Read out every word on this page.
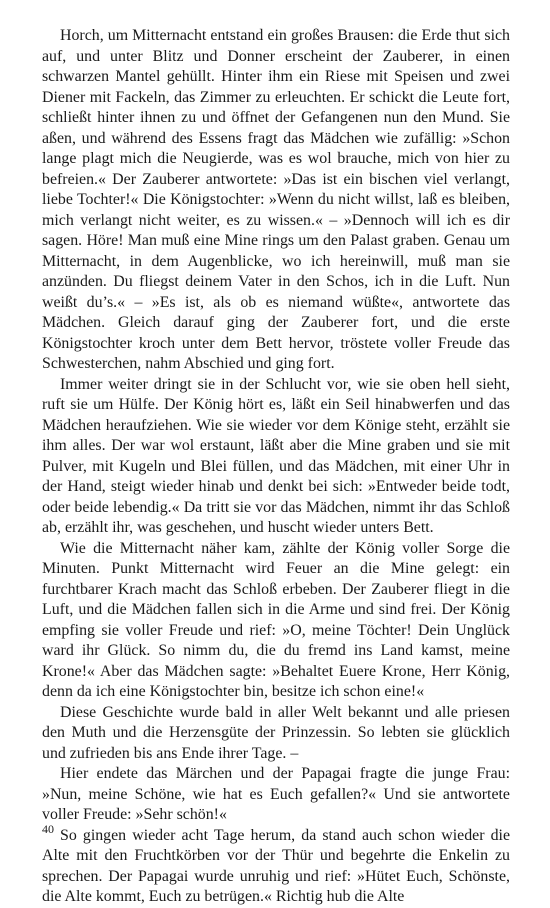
Horch, um Mitternacht entstand ein großes Brausen: die Erde thut sich auf, und unter Blitz und Donner erscheint der Zauberer, in einen schwarzen Mantel gehüllt. Hinter ihm ein Riese mit Speisen und zwei Diener mit Fackeln, das Zimmer zu erleuchten. Er schickt die Leute fort, schließt hinter ihnen zu und öffnet der Gefangenen nun den Mund. Sie aßen, und während des Essens fragt das Mädchen wie zufällig: »Schon lange plagt mich die Neugierde, was es wol brauche, mich von hier zu befreien.« Der Zauberer antwortete: »Das ist ein bischen viel verlangt, liebe Tochter!« Die Königstochter: »Wenn du nicht willst, laß es bleiben, mich verlangt nicht weiter, es zu wissen.« – »Dennoch will ich es dir sagen. Höre! Man muß eine Mine rings um den Palast graben. Genau um Mitternacht, in dem Augenblicke, wo ich hereinwill, muß man sie anzünden. Du fliegst deinem Vater in den Schos, ich in die Luft. Nun weißt du’s.« – »Es ist, als ob es niemand wüßte«, antwortete das Mädchen. Gleich darauf ging der Zauberer fort, und die erste Königstochter kroch unter dem Bett hervor, tröstete voller Freude das Schwesterchen, nahm Abschied und ging fort.

Immer weiter dringt sie in der Schlucht vor, wie sie oben hell sieht, ruft sie um Hülfe. Der König hört es, läßt ein Seil hinabwerfen und das Mädchen heraufziehen. Wie sie wieder vor dem Könige steht, erzählt sie ihm alles. Der war wol erstaunt, läßt aber die Mine graben und sie mit Pulver, mit Kugeln und Blei füllen, und das Mädchen, mit einer Uhr in der Hand, steigt wieder hinab und denkt bei sich: »Entweder beide todt, oder beide lebendig.« Da tritt sie vor das Mädchen, nimmt ihr das Schloß ab, erzählt ihr, was geschehen, und huscht wieder unters Bett.

Wie die Mitternacht näher kam, zählte der König voller Sorge die Minuten. Punkt Mitternacht wird Feuer an die Mine gelegt: ein furchtbarer Krach macht das Schloß erbeben. Der Zauberer fliegt in die Luft, und die Mädchen fallen sich in die Arme und sind frei. Der König empfing sie voller Freude und rief: »O, meine Töchter! Dein Unglück ward ihr Glück. So nimm du, die du fremd ins Land kamst, meine Krone!« Aber das Mädchen sagte: »Behaltet Euere Krone, Herr König, denn da ich eine Königstochter bin, besitze ich schon eine!«

Diese Geschichte wurde bald in aller Welt bekannt und alle priesen den Muth und die Herzensgüte der Prinzessin. So lebten sie glücklich und zufrieden bis ans Ende ihrer Tage. –

Hier endete das Märchen und der Papagai fragte die junge Frau: »Nun, meine Schöne, wie hat es Euch gefallen?« Und sie antwortete voller Freude: »Sehr schön!«

So gingen wieder acht Tage herum, da stand auch schon wieder die Alte mit den Fruchtkörben vor der Thür und begehrte die Enkelin zu sprechen. Der Papagai wurde unruhig und rief: »Hütet Euch, Schönste, die Alte kommt, Euch zu betrügen.« Richtig hub die Alte

40
